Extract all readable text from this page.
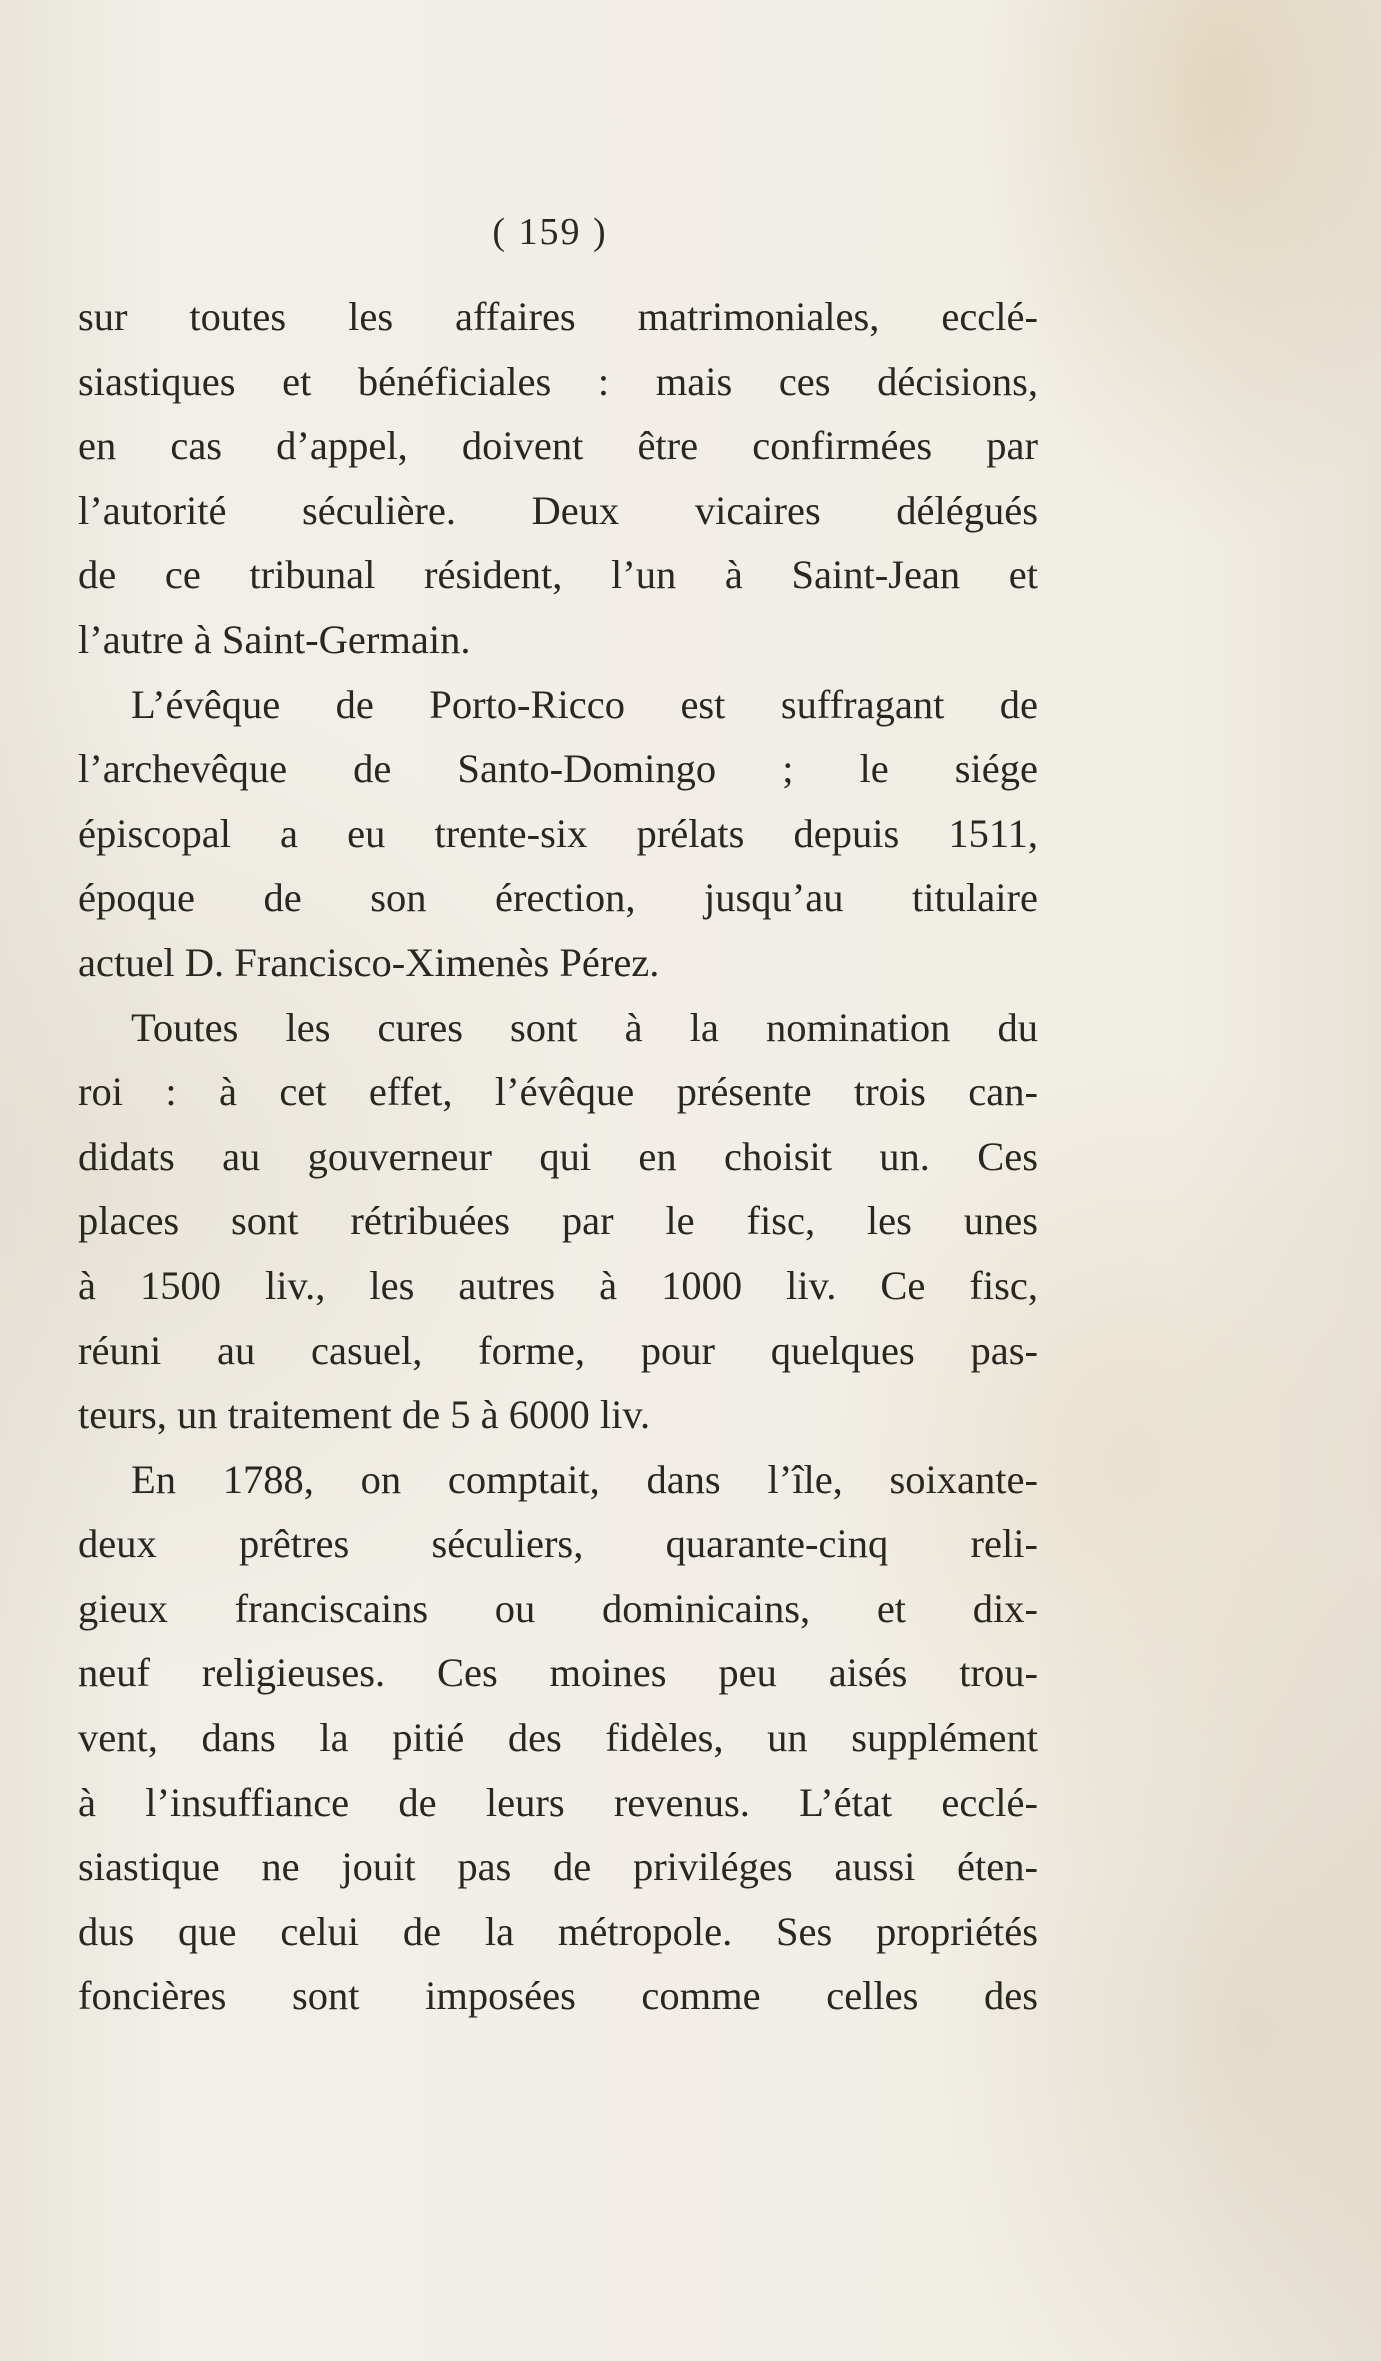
( 159 )
sur toutes les affaires matrimoniales, ecclé-
siastiques et bénéficiales : mais ces décisions,
en cas d’appel, doivent être confirmées par
l’autorité séculière. Deux vicaires délégués
de ce tribunal résident, l’un à Saint-Jean et
l’autre à Saint-Germain.
L’évêque de Porto-Ricco est suffragant de
l’archevêque de Santo-Domingo ; le siége
épiscopal a eu trente-six prélats depuis 1511,
époque de son érection, jusqu’au titulaire
actuel D. Francisco-Ximenès Pérez.
Toutes les cures sont à la nomination du
roi : à cet effet, l’évêque présente trois can-
didats au gouverneur qui en choisit un. Ces
places sont rétribuées par le fisc, les unes
à 1500 liv., les autres à 1000 liv. Ce fisc,
réuni au casuel, forme, pour quelques pas-
teurs, un traitement de 5 à 6000 liv.
En 1788, on comptait, dans l’île, soixante-
deux prêtres séculiers, quarante-cinq reli-
gieux franciscains ou dominicains, et dix-
neuf religieuses. Ces moines peu aisés trou-
vent, dans la pitié des fidèles, un supplément
à l’insuffiance de leurs revenus. L’état ecclé-
siastique ne jouit pas de priviléges aussi éten-
dus que celui de la métropole. Ses propriétés
foncières sont imposées comme celles des
